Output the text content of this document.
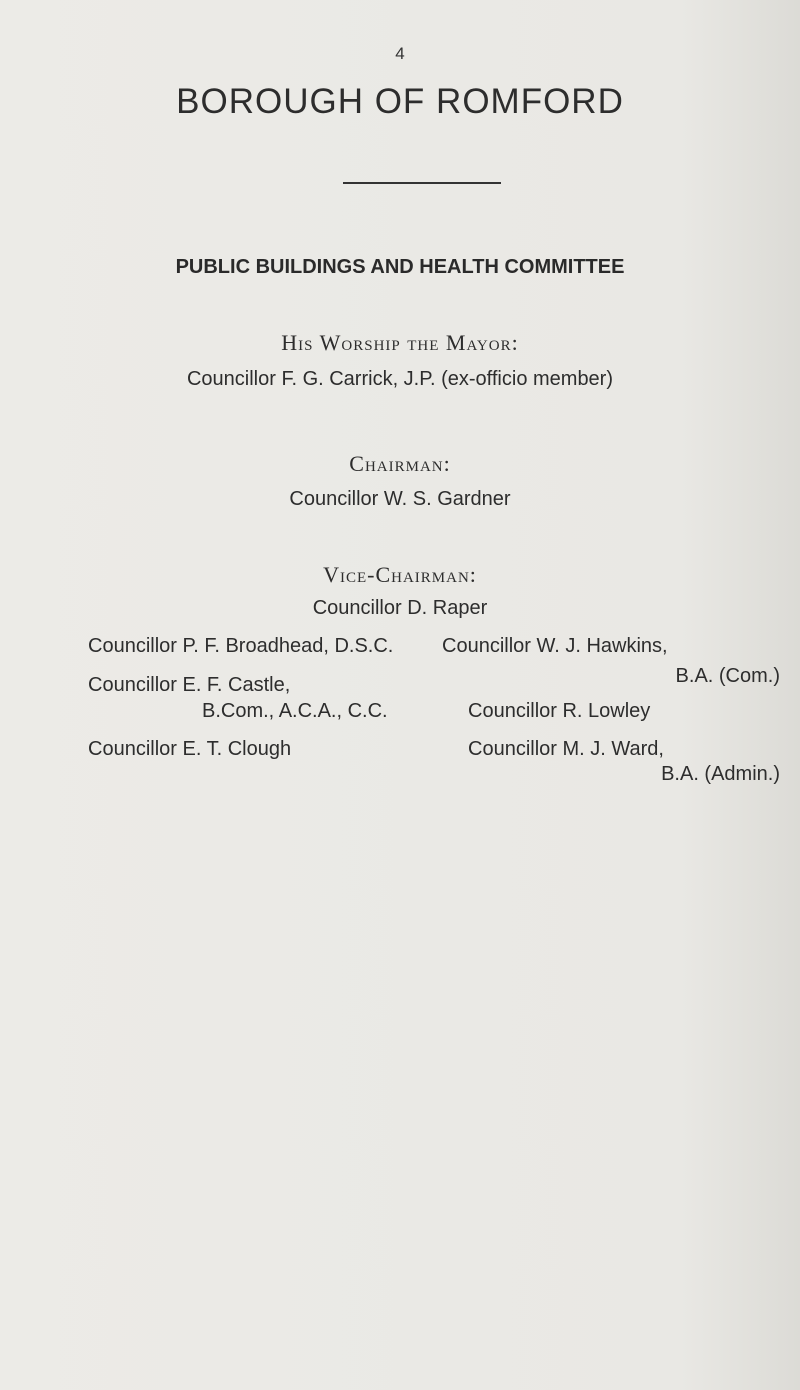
4
BOROUGH OF ROMFORD
PUBLIC BUILDINGS AND HEALTH COMMITTEE
His Worship the Mayor:
Councillor F. G. Carrick, J.P. (ex-officio member)
Chairman:
Councillor W. S. Gardner
Vice-Chairman:
Councillor D. Raper
Councillor P. F. Broadhead, D.S.C. Councillor W. J. Hawkins,
B.A. (Com.)
Councillor E. F. Castle,
B.Com., A.C.A., C.C.	Councillor R. Lowley
Councillor E. T. Clough	Councillor M. J. Ward,
B.A. (Admin.)
